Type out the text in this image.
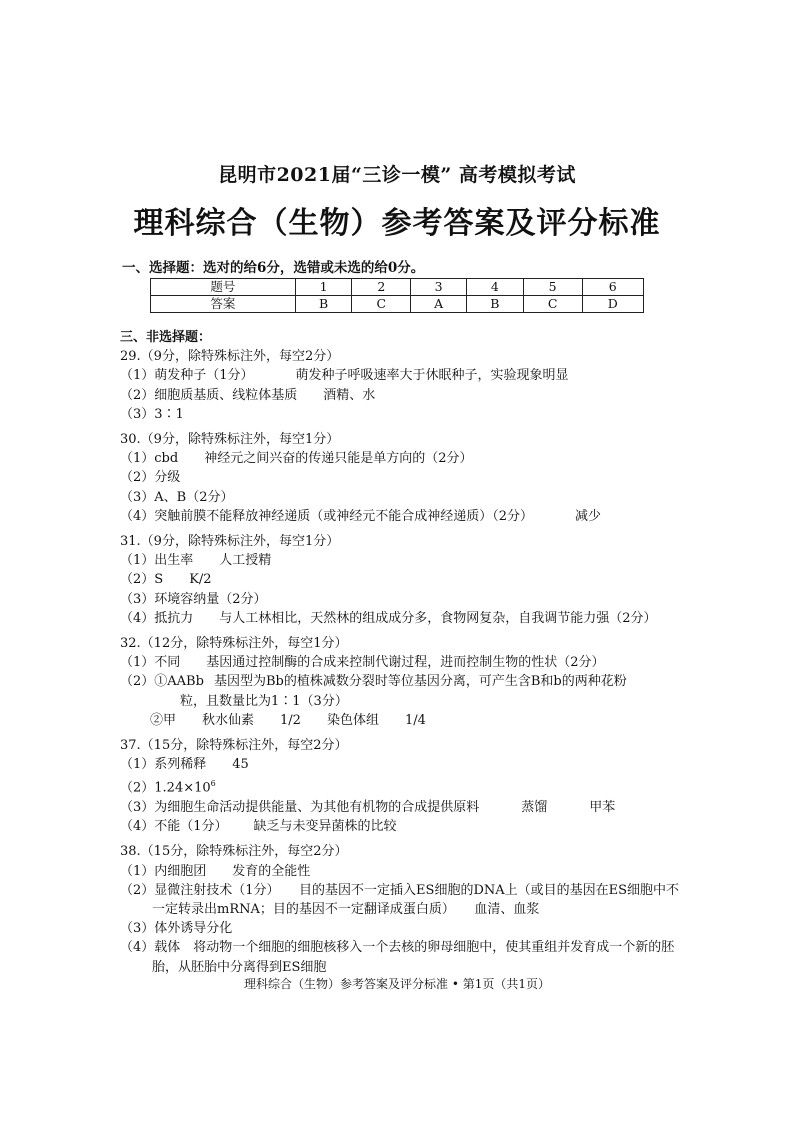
昆明市2021届“三诊一模” 高考模拟考试
理科综合（生物）参考答案及评分标准
一、选择题：选对的给6分，选错或未选的给0分。
题号	1	2	3	4	5	6
答案	B	C	A	B	C	D
三、非选择题：
29.（9分，除特殊标注外，每空2分）
（1）萌发种子（1分）	萌发种子呼吸速率大于休眠种子，实验现象明显
（2）细胞质基质、线粒体基质 酒精、水
（3）3∶1
30.（9分，除特殊标注外，每空1分）
（1）cbd 神经元之间兴奋的传递只能是单方向的（2分）
（2）分级
（3）A、B（2分）
（4）突触前膜不能释放神经递质（或神经元不能合成神经递质）（2分）	减少
31.（9分，除特殊标注外，每空1分）
（1）出生率 人工授精
（2）S K/2
（3）环境容纳量（2分）
（4）抵抗力 与人工林相比，天然林的组成成分多，食物网复杂，自我调节能力强（2分）
32.（12分，除特殊标注外，每空1分）
（1）不同 基因通过控制酶的合成来控制代谢过程，进而控制生物的性状（2分）
（2）①AABb 基因型为Bb的植株减数分裂时等位基因分离，可产生含B和b的两种花粉
粒，且数量比为1∶1（3分）
②甲 秋水仙素 1/2 染色体组 1/4
37.（15分，除特殊标注外，每空2分）
（1）系列稀释 45
$(2)1.24\times 10^6$
（3）为细胞生命活动提供能量、为其他有机物的合成提供原料	蒸馏	甲苯
（4）不能（1分） 缺乏与未变异菌株的比较
38.（15分，除特殊标注外，每空2分）
（1）内细胞团 发育的全能性
（2）显微注射技术（1分）　　目的基因不一定插入ES细胞的DNA上（或目的基因在ES细胞中不一定转录出mRNA；目的基因不一定翻译成蛋白质）　　血清、血浆
（3）体外诱导分化
（4）载体　将动物一个细胞的细胞核移入一个去核的卵母细胞中，使其重组并发育成一个新的胚胎，从胚胎中分离得到ES细胞
理科综合（生物）参考答案及评分标准 • 第1页（共1页）
